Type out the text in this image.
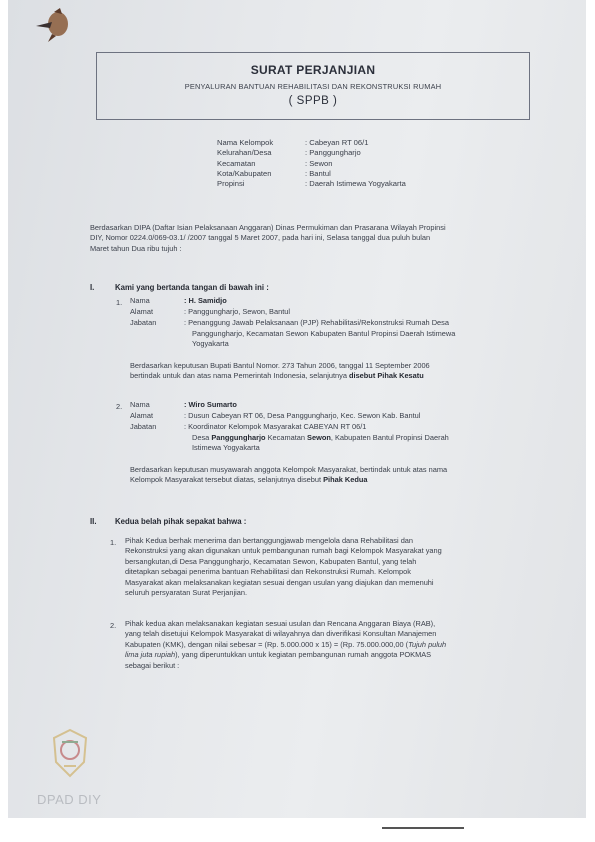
SURAT PERJANJIAN
PENYALURAN BANTUAN REHABILITASI DAN REKONSTRUKSI RUMAH
( SPPB )
Nama Kelompok	: Cabeyan RT 06/1
Kelurahan/Desa	: Panggungharjo
Kecamatan	: Sewon
Kota/Kabupaten	: Bantul
Propinsi	: Daerah Istimewa Yogyakarta
Berdasarkan DIPA (Daftar Isian Pelaksanaan Anggaran) Dinas Permukiman dan Prasarana Wilayah Propinsi
DIY, Nomor 0224.0/069-03.1/ /2007 tanggal 5 Maret 2007, pada hari ini, Selasa tanggal dua puluh bulan
Maret tahun Dua ribu tujuh :
I.	Kami yang bertanda tangan di bawah ini :
1. Nama	: H. Samidjo
Alamat	: Panggungharjo, Sewon, Bantul
Jabatan	: Penanggung Jawab Pelaksanaan (PJP) Rehabilitasi/Rekonstruksi Rumah Desa
Panggungharjo, Kecamatan Sewon Kabupaten Bantul Propinsi Daerah Istimewa
Yogyakarta
Berdasarkan keputusan Bupati Bantul Nomor. 273 Tahun 2006, tanggal 11 September 2006
bertindak untuk dan atas nama Pemerintah Indonesia, selanjutnya disebut Pihak Kesatu
2. Nama	: Wiro Sumarto
Alamat	: Dusun Cabeyan RT 06, Desa Panggungharjo, Kec. Sewon Kab. Bantul
Jabatan	: Koordinator Kelompok Masyarakat CABEYAN RT 06/1
Desa Panggungharjo Kecamatan Sewon, Kabupaten Bantul Propinsi Daerah
Istimewa Yogyakarta
Berdasarkan keputusan musyawarah anggota Kelompok Masyarakat, bertindak untuk atas nama
Kelompok Masyarakat tersebut diatas, selanjutnya disebut Pihak Kedua
II. Kedua belah pihak sepakat bahwa :
1. Pihak Kedua berhak menerima dan bertanggungjawab mengelola dana Rehabilitasi dan
Rekonstruksi yang akan digunakan untuk pembangunan rumah bagi Kelompok Masyarakat yang
bersangkutan,di Desa Panggungharjo, Kecamatan Sewon, Kabupaten Bantul, yang telah
ditetapkan sebagai penerima bantuan Rehabilitasi dan Rekonstruksi Rumah. Kelompok
Masyarakat akan melaksanakan kegiatan sesuai dengan usulan yang diajukan dan memenuhi
seluruh persyaratan Surat Perjanjian.
2. Pihak kedua akan melaksanakan kegiatan sesuai usulan dan Rencana Anggaran Biaya (RAB),
yang telah disetujui Kelompok Masyarakat di wilayahnya dan diverifikasi Konsultan Manajemen
Kabupaten (KMK), dengan nilai sebesar = (Rp. 5.000.000 x 15) = (Rp. 75.000.000,00 (Tujuh puluh
lima juta rupiah), yang diperuntukkan untuk kegiatan pembangunan rumah anggota POKMAS
sebagai berikut :
DPAD DIY
